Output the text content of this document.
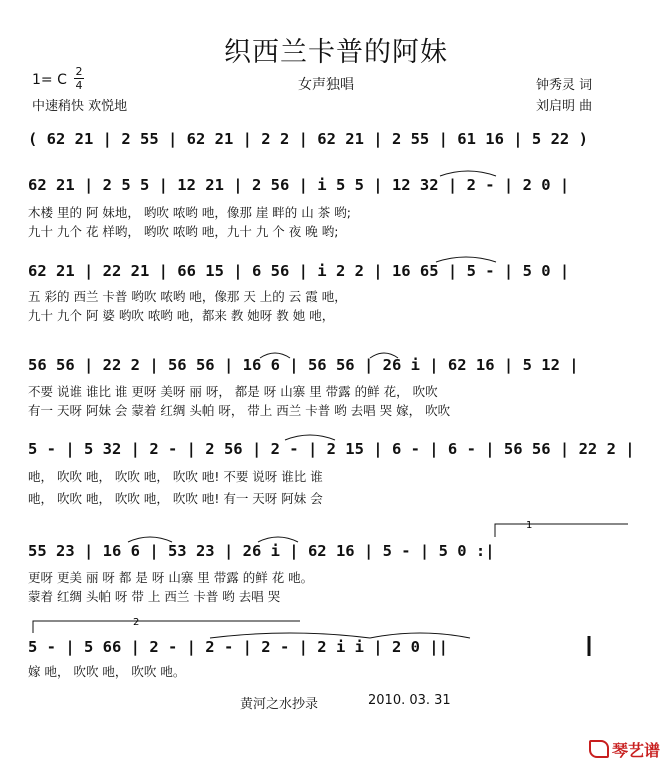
织西兰卡普的阿妹
1= C
2
4	女声独唱	钟秀灵 词
中速稍快 欢悦地	刘启明 曲
( 62 21 | 2 55 | 62 21 | 2 2 | 62 21 | 2 55 | 61 16 | 5 22 )
62 21 | 2 5 5 | 12 21 | 2 56 | i 5 5 | 12 32 | 2 - | 2 0 |
木楼 里的 阿 妹地， 哟吹 哝哟 吔，像那 崖 畔的 山 茶 哟;
九十 九个 花 样哟， 哟吹 哝哟 吔，九十 九 个 夜 晚 哟;
62 21 | 22 21 | 66 15 | 6 56 | i 2 2 | 16 65 | 5 - | 5 0 |
五 彩的 西兰 卡普 哟吹 哝哟 吔，像那 天 上的 云 霞 吔，
九十 九个 阿 婆 哟吹 哝哟 吔，都来 教 她呀 教 她 吔，
56 56 | 22 2 | 56 56 | 16 6 | 56 56 | 26 i | 62 16 | 5 12 |
不要 说谁 谁比 谁 更呀 美呀 丽 呀， 都是 呀 山寨 里 带露 的鲜 花， 吹吹
有一 天呀 阿妹 会 蒙着 红绸 头帕 呀， 带上 西兰 卡普 哟 去唱 哭 嫁， 吹吹
5 - | 5 32 | 2 - | 2 56 | 2 - | 2 15 | 6 - | 6 - | 56 56 | 22 2 |
吔， 吹吹 吔， 吹吹 吔， 吹吹 吔! 不要 说呀 谁比 谁
吔， 吹吹 吔， 吹吹 吔， 吹吹 吔! 有一 天呀 阿妹 会
55 23 | 16 6 | 53 23 | 26 i | 62 16 | 5 - | 5 0 :|
更呀 更美 丽 呀 都 是 呀 山寨 里 带露 的鲜 花 吔。
蒙着 红绸 头帕 呀 带 上 西兰 卡普 哟 去唱 哭
5 - | 5 66 | 2 - | 2 - | 2 - | 2 i i | 2 0 ||
嫁 吔， 吹吹 吔， 吹吹 吔。
1
2
黄河之水抄录	2010. 03. 31
琴艺谱
